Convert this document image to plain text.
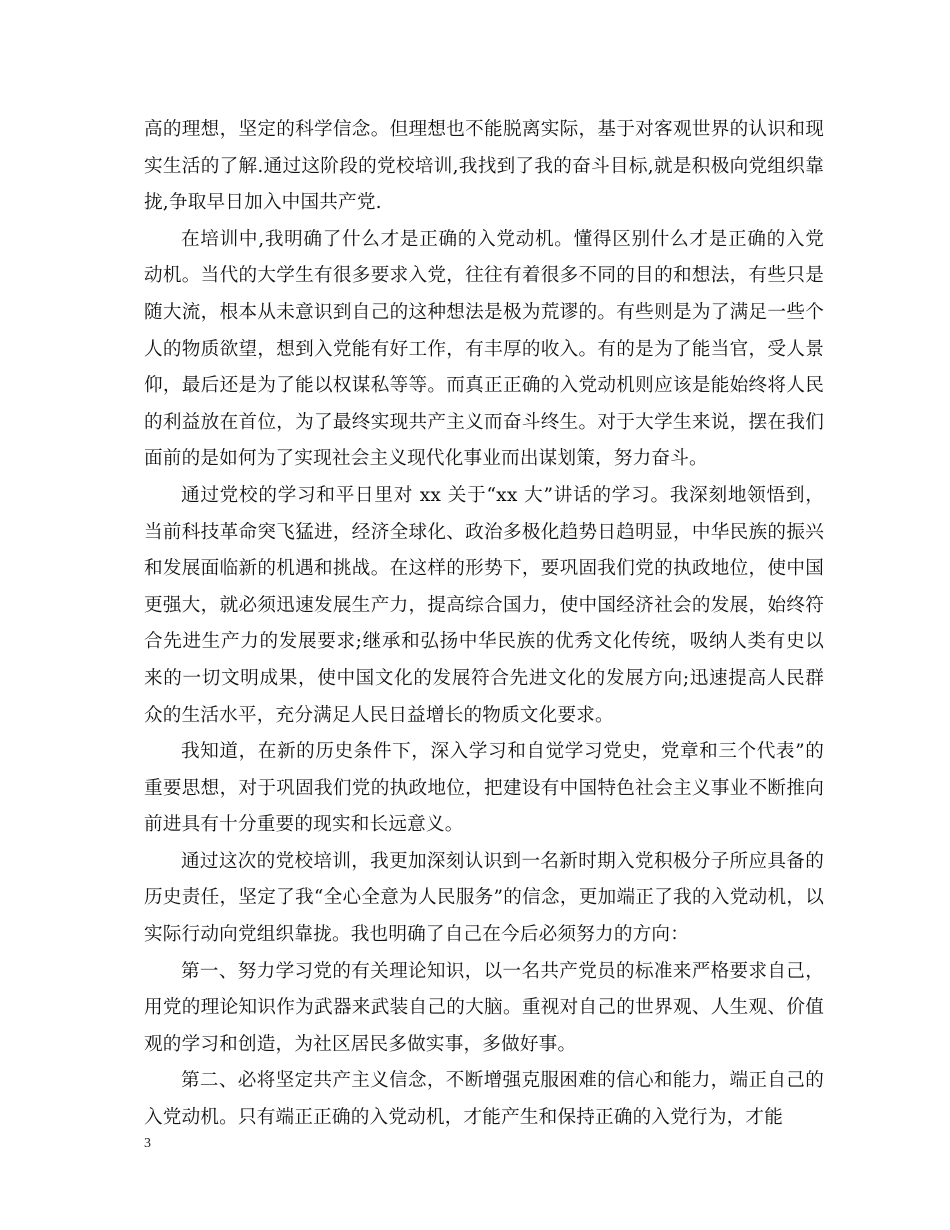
高的理想，坚定的科学信念。但理想也不能脱离实际，基于对客观世界的认识和现实生活的了解.通过这阶段的党校培训,我找到了我的奋斗目标,就是积极向党组织靠拢,争取早日加入中国共产党.

在培训中,我明确了什么才是正确的入党动机。懂得区别什么才是正确的入党动机。当代的大学生有很多要求入党，往往有着很多不同的目的和想法，有些只是随大流，根本从未意识到自己的这种想法是极为荒谬的。有些则是为了满足一些个人的物质欲望，想到入党能有好工作，有丰厚的收入。有的是为了能当官，受人景仰，最后还是为了能以权谋私等等。而真正正确的入党动机则应该是能始终将人民的利益放在首位，为了最终实现共产主义而奋斗终生。对于大学生来说，摆在我们面前的是如何为了实现社会主义现代化事业而出谋划策，努力奋斗。

通过党校的学习和平日里对 xx 关于“xx 大”讲话的学习。我深刻地领悟到，当前科技革命突飞猛进，经济全球化、政治多极化趋势日趋明显，中华民族的振兴和发展面临新的机遇和挑战。在这样的形势下，要巩固我们党的执政地位，使中国更强大，就必须迅速发展生产力，提高综合国力，使中国经济社会的发展，始终符合先进生产力的发展要求;继承和弘扬中华民族的优秀文化传统，吸纳人类有史以来的一切文明成果，使中国文化的发展符合先进文化的发展方向;迅速提高人民群众的生活水平，充分满足人民日益增长的物质文化要求。

我知道，在新的历史条件下，深入学习和自觉学习党史，党章和三个代表”的重要思想，对于巩固我们党的执政地位，把建设有中国特色社会主义事业不断推向前进具有十分重要的现实和长远意义。

通过这次的党校培训，我更加深刻认识到一名新时期入党积极分子所应具备的历史责任，坚定了我“全心全意为人民服务”的信念，更加端正了我的入党动机，以实际行动向党组织靠拢。我也明确了自己在今后必须努力的方向：

第一、努力学习党的有关理论知识，以一名共产党员的标准来严格要求自己，用党的理论知识作为武器来武装自己的大脑。重视对自己的世界观、人生观、价值观的学习和创造，为社区居民多做实事，多做好事。

第二、必将坚定共产主义信念，不断增强克服困难的信心和能力，端正自己的入党动机。只有端正正确的入党动机，才能产生和保持正确的入党行为，才能

3
